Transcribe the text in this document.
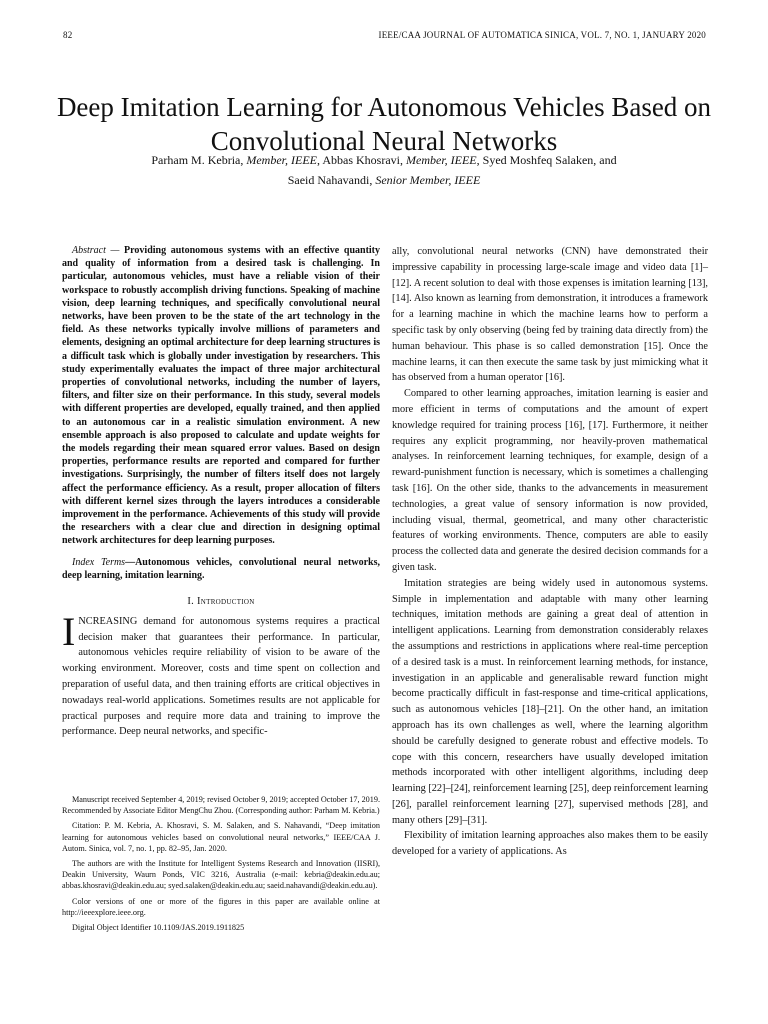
82	IEEE/CAA JOURNAL OF AUTOMATICA SINICA, VOL. 7, NO. 1, JANUARY 2020
Deep Imitation Learning for Autonomous Vehicles Based on Convolutional Neural Networks
Parham M. Kebria, Member, IEEE, Abbas Khosravi, Member, IEEE, Syed Moshfeq Salaken, and
Saeid Nahavandi, Senior Member, IEEE

Abstract — Providing autonomous systems with an effective quantity and quality of information from a desired task is challenging. In particular, autonomous vehicles, must have a reliable vision of their workspace to robustly accomplish driving functions. Speaking of machine vision, deep learning techniques, and specifically convolutional neural networks, have been proven to be the state of the art technology in the field. As these networks typically involve millions of parameters and elements, designing an optimal architecture for deep learning structures is a difficult task which is globally under investigation by researchers. This study experimentally evaluates the impact of three major architectural properties of convolutional networks, including the number of layers, filters, and filter size on their performance. In this study, several models with different properties are developed, equally trained, and then applied to an autonomous car in a realistic simulation environment. A new ensemble approach is also proposed to calculate and update weights for the models regarding their mean squared error values. Based on design properties, performance results are reported and compared for further investigations. Surprisingly, the number of filters itself does not largely affect the performance efficiency. As a result, proper allocation of filters with different kernel sizes through the layers introduces a considerable improvement in the performance. Achievements of this study will provide the researchers with a clear clue and direction in designing optimal network architectures for deep learning purposes.

Index Terms—Autonomous vehicles, convolutional neural networks, deep learning, imitation learning.
I. Introduction

INCREASING demand for autonomous systems requires a practical decision maker that guarantees their performance. In particular, autonomous vehicles require reliability of vision to be aware of the working environment. Moreover, costs and time spent on collection and preparation of useful data, and then training efforts are critical objectives in nowadays real-world applications. Sometimes results are not applicable for practical purposes and require more data and training to improve the performance. Deep neural networks, and specific-

Manuscript received September 4, 2019; revised October 9, 2019; accepted October 17, 2019. Recommended by Associate Editor MengChu Zhou. (Corresponding author: Parham M. Kebria.)

Citation: P. M. Kebria, A. Khosravi, S. M. Salaken, and S. Nahavandi, “Deep imitation learning for autonomous vehicles based on convolutional neural networks,” IEEE/CAA J. Autom. Sinica, vol. 7, no. 1, pp. 82–95, Jan. 2020.

The authors are with the Institute for Intelligent Systems Research and Innovation (IISRI), Deakin University, Waurn Ponds, VIC 3216, Australia (e-mail: kebria@deakin.edu.au; abbas.khosravi@deakin.edu.au; syed.salaken@deakin.edu.au; saeid.nahavandi@deakin.edu.au).

Color versions of one or more of the figures in this paper are available online at http://ieeexplore.ieee.org.

Digital Object Identifier 10.1109/JAS.2019.1911825

ally, convolutional neural networks (CNN) have demonstrated their impressive capability in processing large-scale image and video data [1]–[12]. A recent solution to deal with those expenses is imitation learning [13], [14]. Also known as learning from demonstration, it introduces a framework for a learning machine in which the machine learns how to perform a specific task by only observing (being fed by training data directly from) the human behaviour. This phase is so called demonstration [15]. Once the machine learns, it can then execute the same task by just mimicking what it has observed from a human operator [16].

Compared to other learning approaches, imitation learning is easier and more efficient in terms of computations and the amount of expert knowledge required for training process [16], [17]. Furthermore, it neither requires any explicit programming, nor heavily-proven mathematical analyses. In reinforcement learning techniques, for example, design of a reward-punishment function is necessary, which is sometimes a challenging task [16]. On the other side, thanks to the advancements in measurement technologies, a great value of sensory information is now provided, including visual, thermal, geometrical, and many other characteristic features of working environments. Thence, computers are able to easily process the collected data and generate the desired decision commands for a given task.

Imitation strategies are being widely used in autonomous systems. Simple in implementation and adaptable with many other learning techniques, imitation methods are gaining a great deal of attention in intelligent applications. Learning from demonstration considerably relaxes the assumptions and restrictions in applications where real-time perception of a desired task is a must. In reinforcement learning methods, for instance, investigation in an applicable and generalisable reward function might become practically difficult in fast-response and time-critical applications, such as autonomous vehicles [18]–[21]. On the other hand, an imitation approach has its own challenges as well, where the learning algorithm should be carefully designed to generate robust and effective models. To cope with this concern, researchers have usually developed imitation methods incorporated with other intelligent algorithms, including deep learning [22]–[24], reinforcement learning [25], deep reinforcement learning [26], parallel reinforcement learning [27], supervised methods [28], and many others [29]–[31].

Flexibility of imitation learning approaches also makes them to be easily developed for a variety of applications. As
